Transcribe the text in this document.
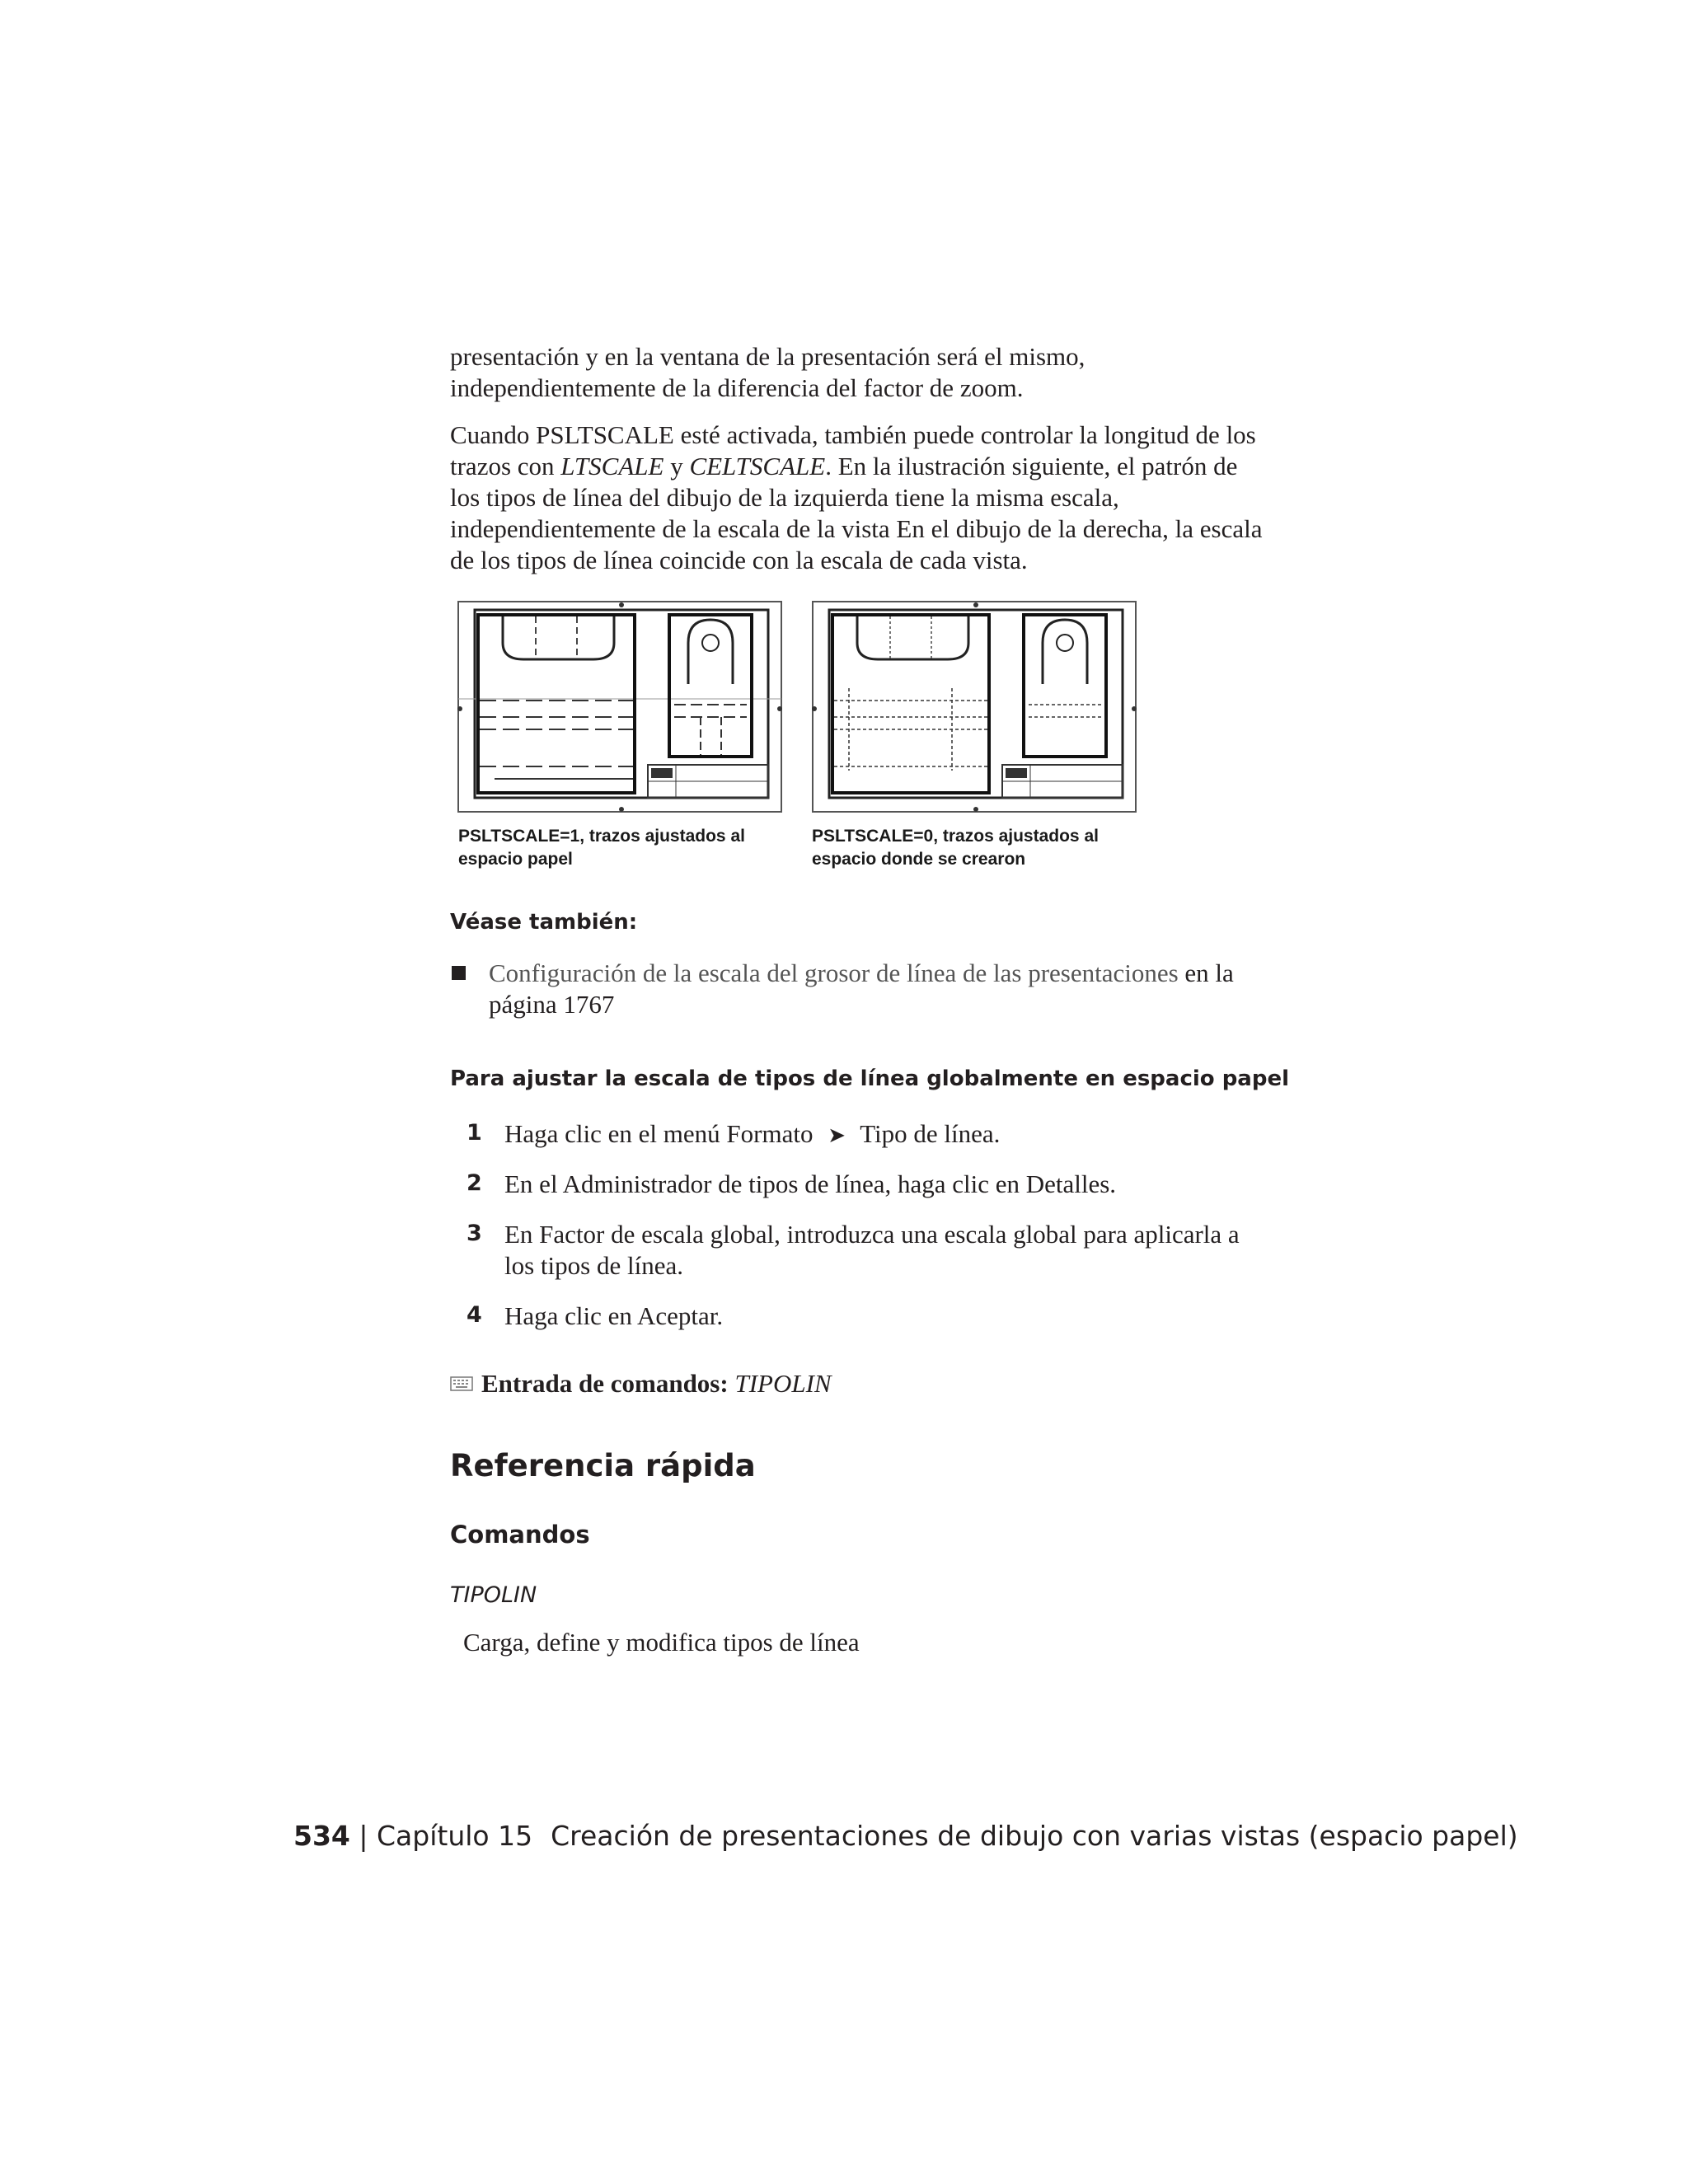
presentación y en la ventana de la presentación será el mismo,
independientemente de la diferencia del factor de zoom.
Cuando PSLTSCALE esté activada, también puede controlar la longitud de los
trazos con LTSCALE y CELTSCALE. En la ilustración siguiente, el patrón de
los tipos de línea del dibujo de la izquierda tiene la misma escala,
independientemente de la escala de la vista En el dibujo de la derecha, la escala
de los tipos de línea coincide con la escala de cada vista.
PSLTSCALE=1, trazos ajustados al
espacio papel
PSLTSCALE=0, trazos ajustados al
espacio donde se crearon
Véase también:
Configuración de la escala del grosor de línea de las presentaciones en la
página 1767
Para ajustar la escala de tipos de línea globalmente en espacio papel
1 Haga clic en el menú Formato ➤ Tipo de línea.
2 En el Administrador de tipos de línea, haga clic en Detalles.
3 En Factor de escala global, introduzca una escala global para aplicarla a
los tipos de línea.
4 Haga clic en Aceptar.
Entrada de comandos: TIPOLIN
Referencia rápida
Comandos
TIPOLIN
Carga, define y modifica tipos de línea
534 | Capítulo 15 Creación de presentaciones de dibujo con varias vistas (espacio papel)
